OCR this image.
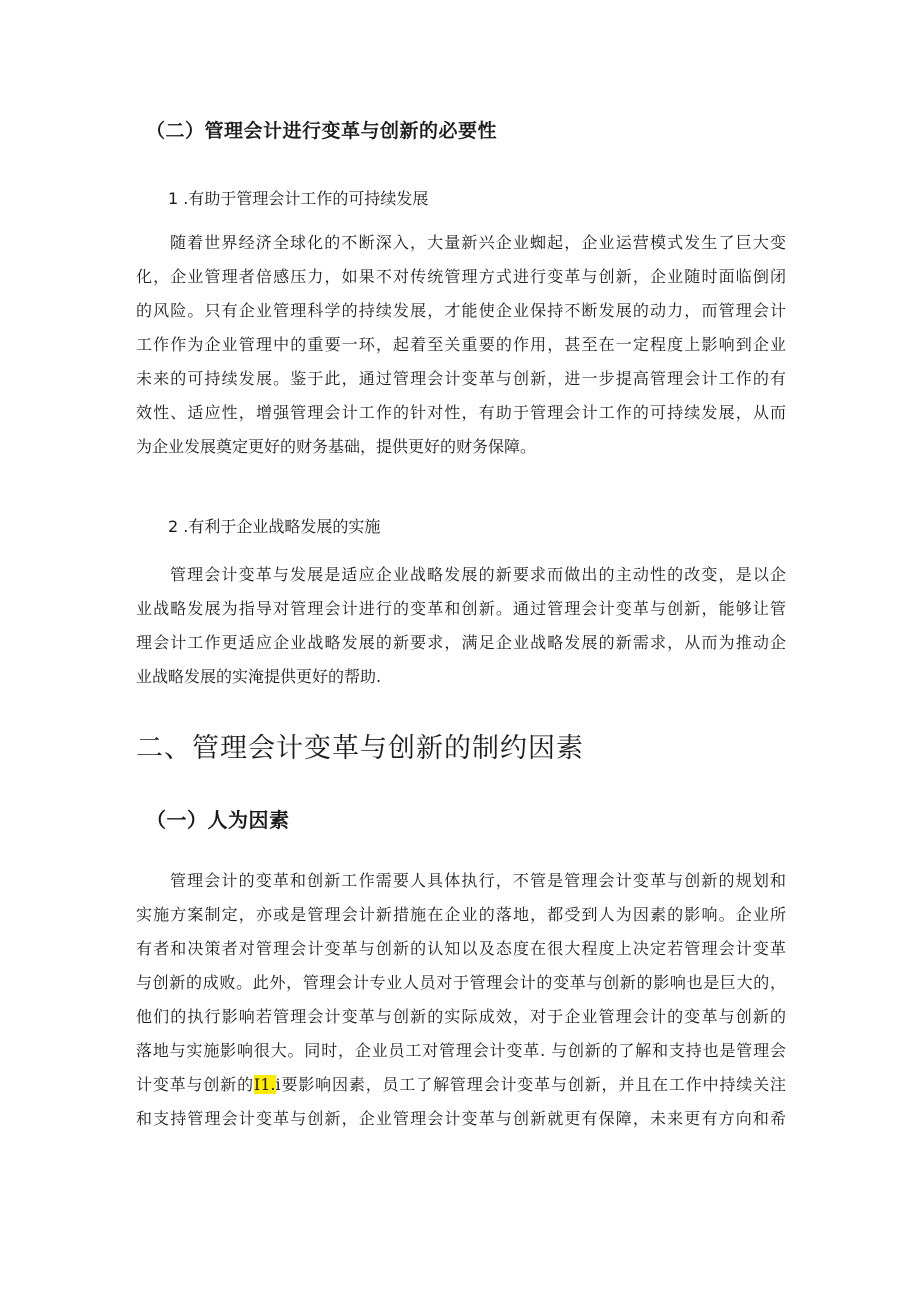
（二）管理会计进行变革与创新的必要性
1 .有助于管理会计工作的可持续发展
随着世界经济全球化的不断深入，大量新兴企业蜘起，企业运营模式发生了巨大变
化，企业管理者倍感压力，如果不对传统管理方式进行变革与创新，企业随时面临倒闭
的风险。只有企业管理科学的持续发展，才能使企业保持不断发展的动力，而管理会计
工作作为企业管理中的重要一环，起着至关重要的作用，甚至在一定程度上影响到企业
未来的可持续发展。鉴于此，通过管理会计变革与创新，进一步提高管理会计工作的有
效性、适应性，增强管理会计工作的针对性，有助于管理会计工作的可持续发展，从而
为企业发展奠定更好的财务基础，提供更好的财务保障。
2 .有利于企业战略发展的实施
管理会计变革与发展是适应企业战略发展的新要求而做出的主动性的改变，是以企
业战略发展为指导对管理会计进行的变革和创新。通过管理会计变革与创新，能够让管
理会计工作更适应企业战略发展的新要求，满足企业战略发展的新需求，从而为推动企
业战略发展的实淹提供更好的帮助.
二、管理会计变革与创新的制约因素
（一）人为因素
管理会计的变革和创新工作需要人具体执行，不管是管理会计变革与创新的规划和
实施方案制定，亦或是管理会计新措施在企业的落地，都受到人为因素的影响。企业所
有者和决策者对管理会计变革与创新的认知以及态度在很大程度上决定若管理会计变革
与创新的成败。此外，管理会计专业人员对于管理会计的变革与创新的影响也是巨大的，
他们的执行影响若管理会计变革与创新的实际成效，对于企业管理会计的变革与创新的
落地与实施影响很大。同时，企业员工对管理会计变革. 与创新的了解和支持也是管理会
计变革与创新的I1.i要影响因素，员工了解管理会计变革与创新，并且在工作中持续关注
和支持管理会计变革与创新，企业管理会计变革与创新就更有保障，未来更有方向和希
